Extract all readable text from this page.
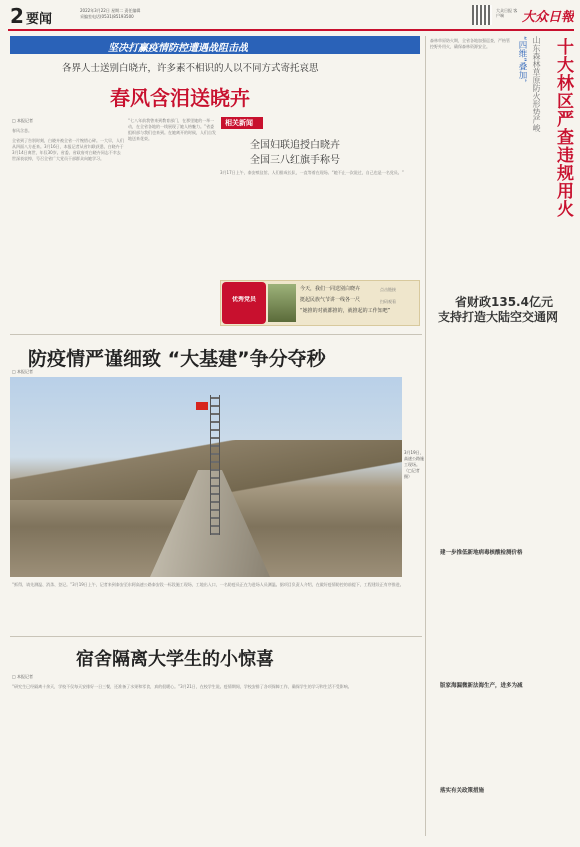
2 要闻
2022年3月22日 星期二 责任编辑
采编室电话(0531)85193500
大众日报 客户端	大众日報
坚决打赢疫情防控遭遇战阻击战
各界人士送别白晓卉，许多素不相识的人以不同方式寄托哀思
春风含泪送晓卉
□ 本报记者
春风含悲。
全省到了告别时刻，白晓卉被全省一片惋惜心碎。一大早，人们从四面八方赶来。3月16日，本报记者从省妇联获悉，白晓卉于3月14日离世，年仅30岁。省委、省政府对白晓卉同志不幸去世深表哀悼，号召全省广大党员干部群众向她学习。
“七八年前我曾来到教育部门，在那里她的一举一动，在全省各地的一线展现了她人格魅力。”省委组织部与我们也来到。在她离开的时候，人们自发地送来花束。
3月17日上午，泰安殡仪馆，人们排成长队，一直等着在现场。“她不止一次说过，自己也是一名党员。”
相关新闻
全国妇联追授白晓卉
全国三八红旗手称号
优秀党员
今天，我们一同送别白晓卉
挺起民族气节讲一线各一尺
“她推的对就都推的，就推起的工作知吧”
点击链接
扫码观看
防疫情严谨细致 “大基建”争分夺秒
3月19日，高速公路施工现场。（□记者 摄）
□ 本报记者
“抓得，请先测温、消杀、登记。”3月19日上午，记者来到泰安至东阿高速公路泰安段一标段施工现场，工地出入口，一名防疫员正在为进场人员测温。据项目负责人介绍，在做好疫情防控的前提下，工程建设正有序推进。
宿舍隔离大学生的小惊喜
□ 本报记者
“研究生已经隔离十余天，学校不仅每天安排好一日三餐，还准备了水果和零食，真的很暖心。”3月21日，在校学生说。疫情期间，学校安排了各项保障工作，确保学生的学习和生活不受影响。
森林草原防火期，全省各地加强巡查，严格管控野外用火，确保森林资源安全。	“四维”叠加， 山东森林草原防火形势严峻 十大林区严查违规用火
省财政135.4亿元
支持打造大陆空交通网
建一步推低新地病毒核酸检测价格
版家海漏微新法海生产，进多为减
落实有关政策措施
